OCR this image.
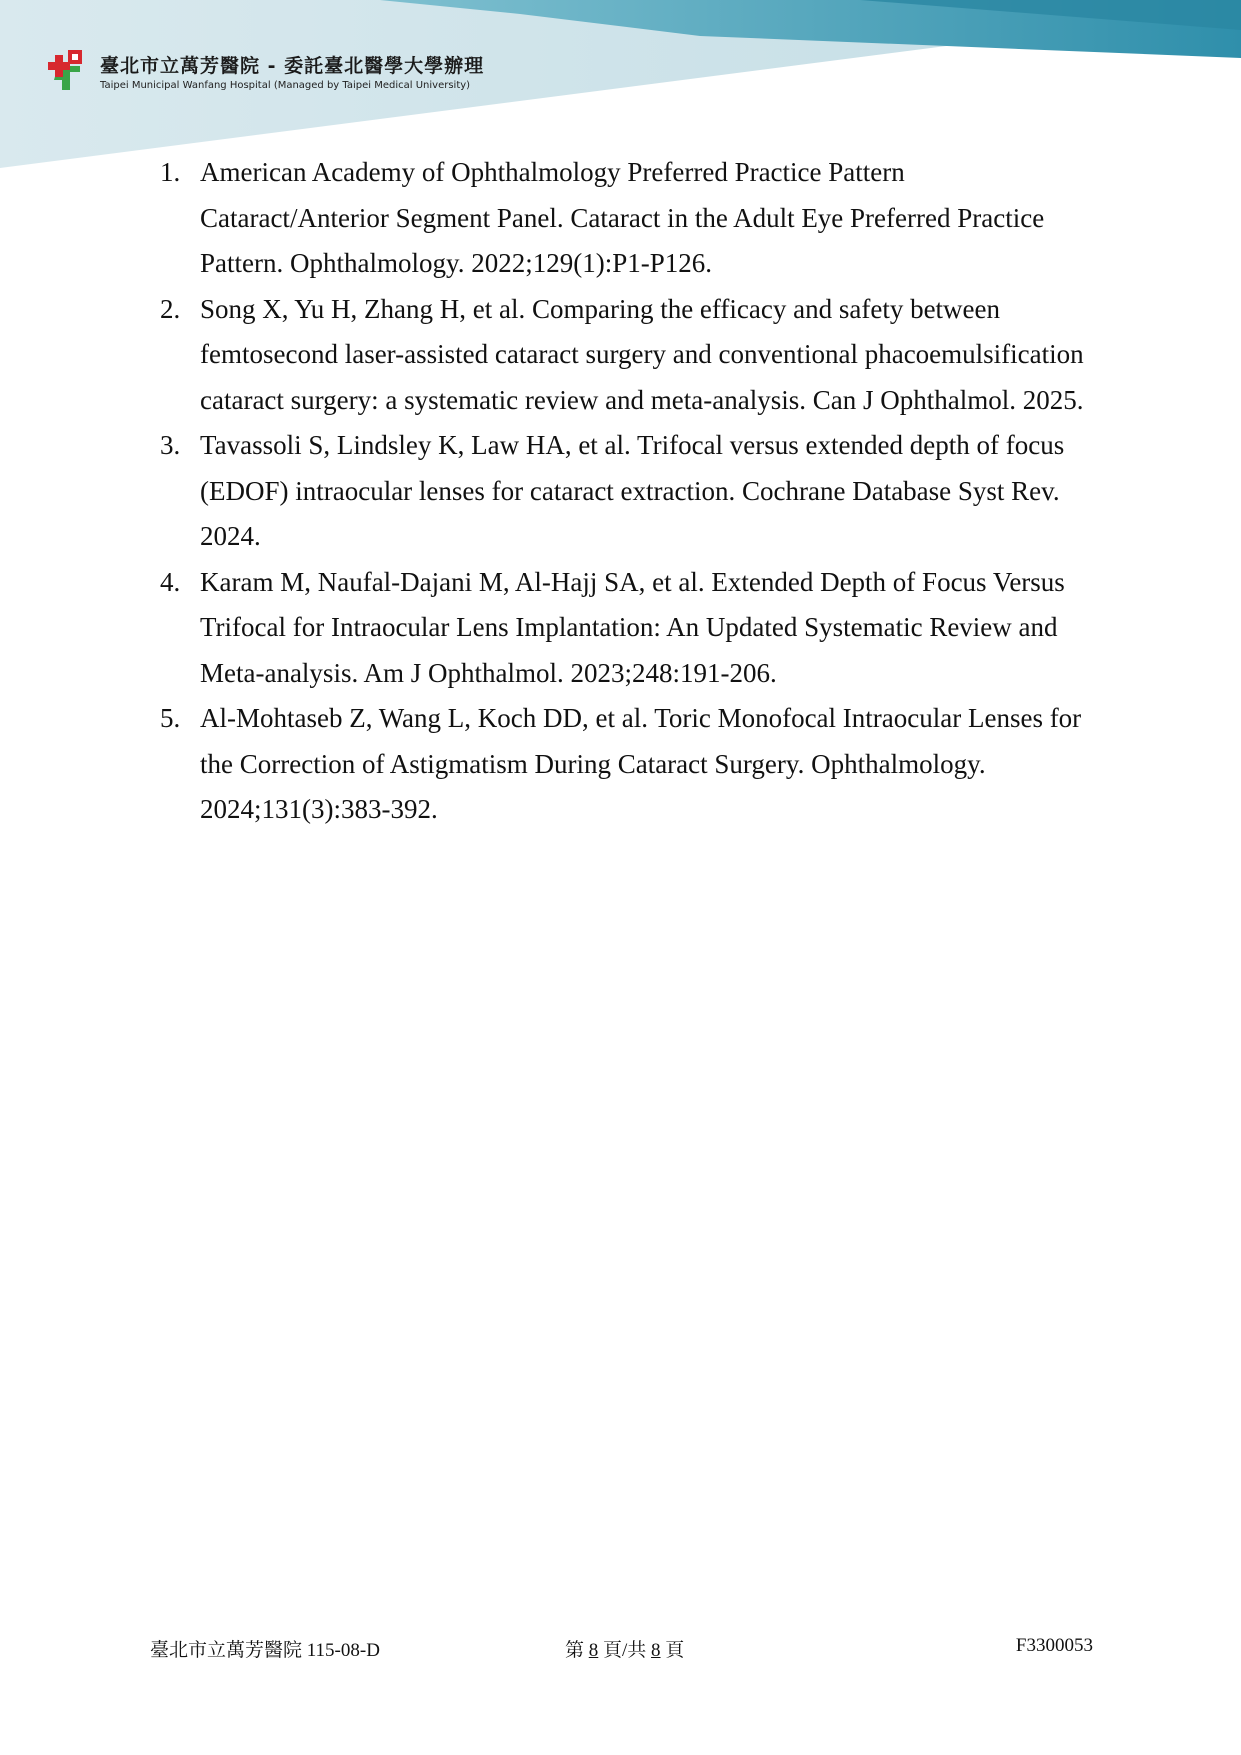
臺北市立萬芳醫院 - 委託臺北醫學大學辦理
Taipei Municipal Wanfang Hospital (Managed by Taipei Medical University)
1. American Academy of Ophthalmology Preferred Practice Pattern Cataract/Anterior Segment Panel. Cataract in the Adult Eye Preferred Practice Pattern. Ophthalmology. 2022;129(1):P1-P126.
2. Song X, Yu H, Zhang H, et al. Comparing the efficacy and safety between femtosecond laser-assisted cataract surgery and conventional phacoemulsification cataract surgery: a systematic review and meta-analysis. Can J Ophthalmol. 2025.
3. Tavassoli S, Lindsley K, Law HA, et al. Trifocal versus extended depth of focus (EDOF) intraocular lenses for cataract extraction. Cochrane Database Syst Rev. 2024.
4. Karam M, Naufal-Dajani M, Al-Hajj SA, et al. Extended Depth of Focus Versus Trifocal for Intraocular Lens Implantation: An Updated Systematic Review and Meta-analysis. Am J Ophthalmol. 2023;248:191-206.
5. Al-Mohtaseb Z, Wang L, Koch DD, et al. Toric Monofocal Intraocular Lenses for the Correction of Astigmatism During Cataract Surgery. Ophthalmology. 2024;131(3):383-392.
臺北市立萬芳醫院 115-08-D	第 8 頁/共 8 頁	F3300053
